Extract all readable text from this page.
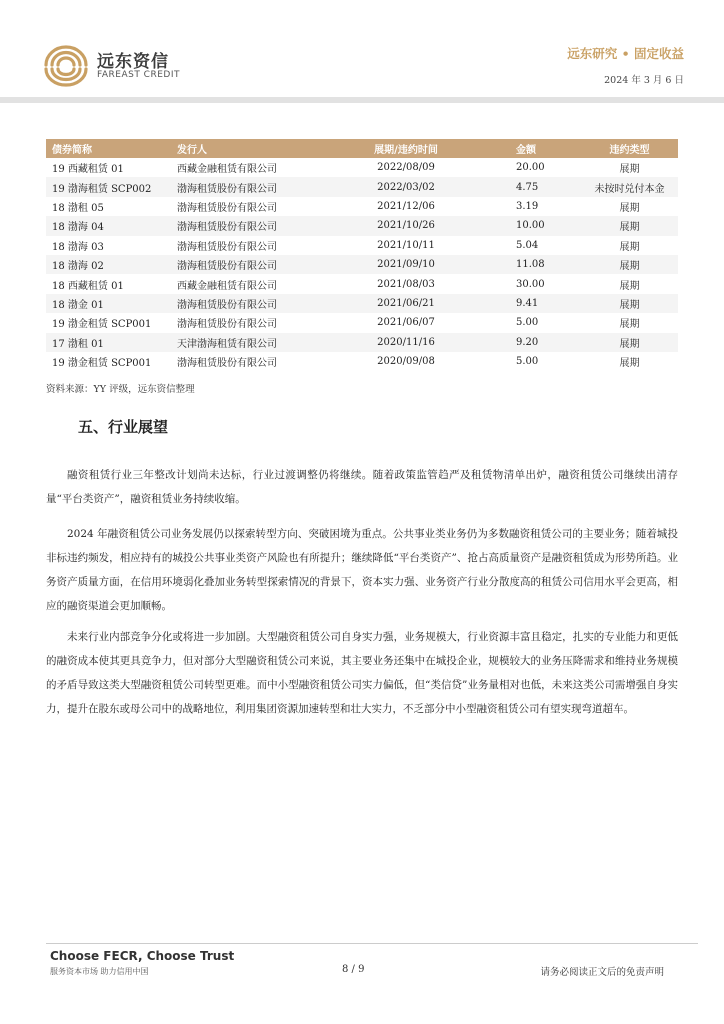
远东资信
FAREAST CREDIT
远东研究 • 固定收益
2024 年 3 月 6 日
债券简称	发行人	展期/违约时间	金额	违约类型
19 西藏租赁 01	西藏金融租赁有限公司	2022/08/09	20.00	展期
19 渤海租赁 SCP002	渤海租赁股份有限公司	2022/03/02	4.75	未按时兑付本金
18 渤租 05	渤海租赁股份有限公司	2021/12/06	3.19	展期
18 渤海 04	渤海租赁股份有限公司	2021/10/26	10.00	展期
18 渤海 03	渤海租赁股份有限公司	2021/10/11	5.04	展期
18 渤海 02	渤海租赁股份有限公司	2021/09/10	11.08	展期
18 西藏租赁 01	西藏金融租赁有限公司	2021/08/03	30.00	展期
18 渤金 01	渤海租赁股份有限公司	2021/06/21	9.41	展期
19 渤金租赁 SCP001	渤海租赁股份有限公司	2021/06/07	5.00	展期
17 渤租 01	天津渤海租赁有限公司	2020/11/16	9.20	展期
19 渤金租赁 SCP001	渤海租赁股份有限公司	2020/09/08	5.00	展期
资料来源：YY 评级，远东资信整理
五、行业展望

融资租赁行业三年整改计划尚未达标，行业过渡调整仍将继续。随着政策监管趋严及租赁物清单出炉，融资租赁公司继续出清存量“平台类资产”，融资租赁业务持续收缩。

2024 年融资租赁公司业务发展仍以探索转型方向、突破困境为重点。公共事业类业务仍为多数融资租赁公司的主要业务；随着城投非标违约频发，相应持有的城投公共事业类资产风险也有所提升；继续降低“平台类资产”、抢占高质量资产是融资租赁成为形势所趋。业务资产质量方面，在信用环境弱化叠加业务转型探索情况的背景下，资本实力强、业务资产行业分散度高的租赁公司信用水平会更高，相应的融资渠道会更加顺畅。

未来行业内部竞争分化或将进一步加剧。大型融资租赁公司自身实力强，业务规模大，行业资源丰富且稳定，扎实的专业能力和更低的融资成本使其更具竞争力，但对部分大型融资租赁公司来说，其主要业务还集中在城投企业，规模较大的业务压降需求和维持业务规模的矛盾导致这类大型融资租赁公司转型更难。而中小型融资租赁公司实力偏低，但“类信贷”业务量相对也低，未来这类公司需增强自身实力，提升在股东或母公司中的战略地位，利用集团资源加速转型和壮大实力，不乏部分中小型融资租赁公司有望实现弯道超车。

Choose FECR, Choose Trust
服务资本市场 助力信用中国	8 / 9	请务必阅读正文后的免责声明
